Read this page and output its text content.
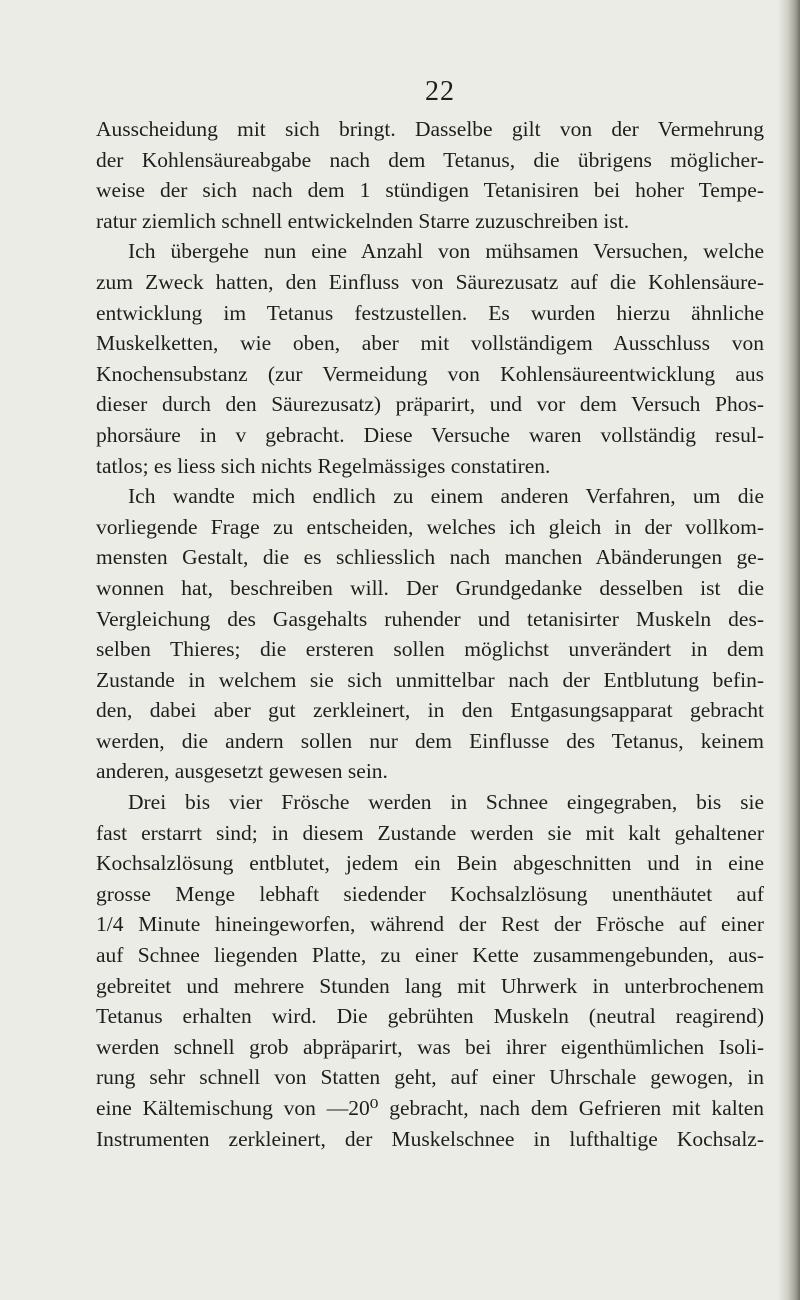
22
Ausscheidung mit sich bringt. Dasselbe gilt von der Vermehrung
der Kohlensäureabgabe nach dem Tetanus, die übrigens möglicher-
weise der sich nach dem 1 stündigen Tetanisiren bei hoher Tempe-
ratur ziemlich schnell entwickelnden Starre zuzuschreiben ist.
Ich übergehe nun eine Anzahl von mühsamen Versuchen, welche
zum Zweck hatten, den Einfluss von Säurezusatz auf die Kohlensäure-
entwicklung im Tetanus festzustellen. Es wurden hierzu ähnliche
Muskelketten, wie oben, aber mit vollständigem Ausschluss von
Knochensubstanz (zur Vermeidung von Kohlensäureentwicklung aus
dieser durch den Säurezusatz) präparirt, und vor dem Versuch Phos-
phorsäure in v gebracht. Diese Versuche waren vollständig resul-
tatlos; es liess sich nichts Regelmässiges constatiren.
Ich wandte mich endlich zu einem anderen Verfahren, um die
vorliegende Frage zu entscheiden, welches ich gleich in der vollkom-
mensten Gestalt, die es schliesslich nach manchen Abänderungen ge-
wonnen hat, beschreiben will. Der Grundgedanke desselben ist die
Vergleichung des Gasgehalts ruhender und tetanisirter Muskeln des-
selben Thieres; die ersteren sollen möglichst unverändert in dem
Zustande in welchem sie sich unmittelbar nach der Entblutung befin-
den, dabei aber gut zerkleinert, in den Entgasungsapparat gebracht
werden, die andern sollen nur dem Einflusse des Tetanus, keinem
anderen, ausgesetzt gewesen sein.
Drei bis vier Frösche werden in Schnee eingegraben, bis sie
fast erstarrt sind; in diesem Zustande werden sie mit kalt gehaltener
Kochsalzlösung entblutet, jedem ein Bein abgeschnitten und in eine
grosse Menge lebhaft siedender Kochsalzlösung unenthäutet auf
1/4 Minute hineingeworfen, während der Rest der Frösche auf einer
auf Schnee liegenden Platte, zu einer Kette zusammengebunden, aus-
gebreitet und mehrere Stunden lang mit Uhrwerk in unterbrochenem
Tetanus erhalten wird. Die gebrühten Muskeln (neutral reagirend)
werden schnell grob abpräparirt, was bei ihrer eigenthümlichen Isoli-
rung sehr schnell von Statten geht, auf einer Uhrschale gewogen, in
eine Kältemischung von —20⁰ gebracht, nach dem Gefrieren mit kalten
Instrumenten zerkleinert, der Muskelschnee in lufthaltige Kochsalz-
